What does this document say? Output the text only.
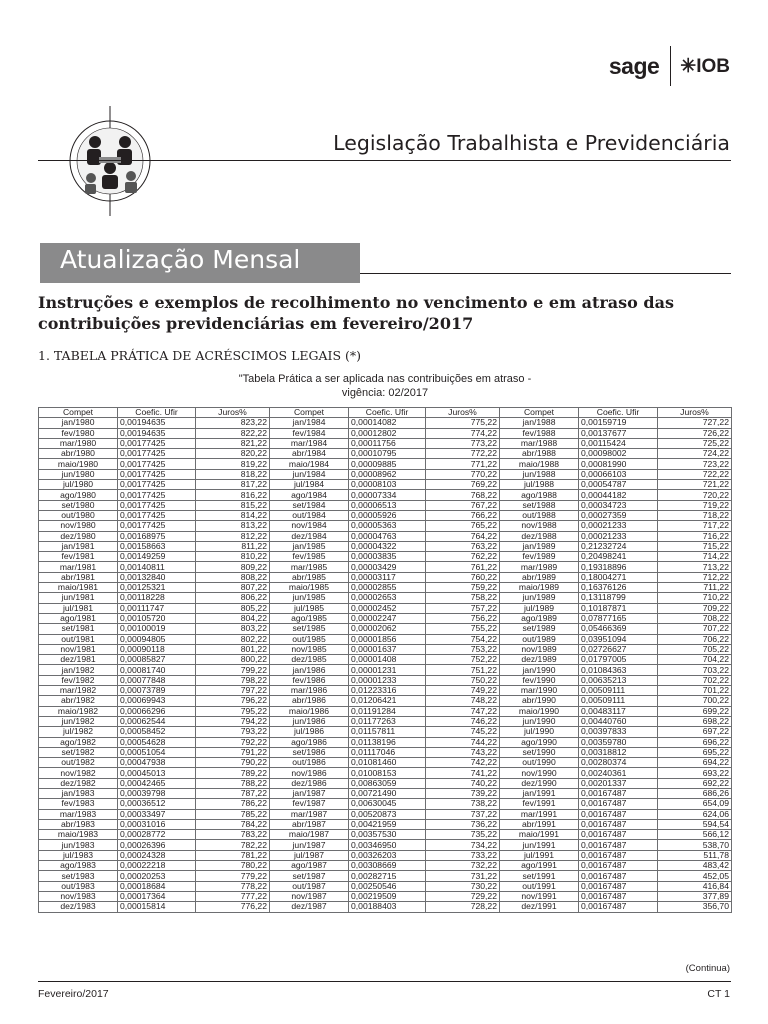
sage ✳IOB
Legislação Trabalhista e Previdenciária
Atualização Mensal
Instruções e exemplos de recolhimento no vencimento e em atraso das contribuições previdenciárias em fevereiro/2017
1. TABELA PRÁTICA DE ACRÉSCIMOS LEGAIS (*)
"Tabela Prática a ser aplicada nas contribuições em atraso -
vigência: 02/2017
Compet	Coefic. Ufir	Juros%	Compet	Coefic. Ufir	Juros%	Compet	Coefic. Ufir	Juros%
jan/1980	0,00194635	823,22	jan/1984	0,00014082	775,22	jan/1988	0,00159719	727,22
fev/1980	0,00194635	822,22	fev/1984	0,00012802	774,22	fev/1988	0,00137677	726,22
mar/1980	0,00177425	821,22	mar/1984	0,00011756	773,22	mar/1988	0,00115424	725,22
abr/1980	0,00177425	820,22	abr/1984	0,00010795	772,22	abr/1988	0,00098002	724,22
maio/1980	0,00177425	819,22	maio/1984	0,00009885	771,22	maio/1988	0,00081990	723,22
jun/1980	0,00177425	818,22	jun/1984	0,00008962	770,22	jun/1988	0,00066103	722,22
jul/1980	0,00177425	817,22	jul/1984	0,00008103	769,22	jul/1988	0,00054787	721,22
ago/1980	0,00177425	816,22	ago/1984	0,00007334	768,22	ago/1988	0,00044182	720,22
set/1980	0,00177425	815,22	set/1984	0,00006513	767,22	set/1988	0,00034723	719,22
out/1980	0,00177425	814,22	out/1984	0,00005926	766,22	out/1988	0,00027359	718,22
nov/1980	0,00177425	813,22	nov/1984	0,00005363	765,22	nov/1988	0,00021233	717,22
dez/1980	0,00168975	812,22	dez/1984	0,00004763	764,22	dez/1988	0,00021233	716,22
jan/1981	0,00158663	811,22	jan/1985	0,00004322	763,22	jan/1989	0,21232724	715,22
fev/1981	0,00149259	810,22	fev/1985	0,00003835	762,22	fev/1989	0,20498241	714,22
mar/1981	0,00140811	809,22	mar/1985	0,00003429	761,22	mar/1989	0,19318896	713,22
abr/1981	0,00132840	808,22	abr/1985	0,00003117	760,22	abr/1989	0,18004271	712,22
maio/1981	0,00125321	807,22	maio/1985	0,00002855	759,22	maio/1989	0,16376126	711,22
jun/1981	0,00118228	806,22	jun/1985	0,00002653	758,22	jun/1989	0,13118799	710,22
jul/1981	0,00111747	805,22	jul/1985	0,00002452	757,22	jul/1989	0,10187871	709,22
ago/1981	0,00105720	804,22	ago/1985	0,00002247	756,22	ago/1989	0,07877165	708,22
set/1981	0,00100019	803,22	set/1985	0,00002062	755,22	set/1989	0,05466369	707,22
out/1981	0,00094805	802,22	out/1985	0,00001856	754,22	out/1989	0,03951094	706,22
nov/1981	0,00090118	801,22	nov/1985	0,00001637	753,22	nov/1989	0,02726627	705,22
dez/1981	0,00085827	800,22	dez/1985	0,00001408	752,22	dez/1989	0,01797005	704,22
jan/1982	0,00081740	799,22	jan/1986	0,00001231	751,22	jan/1990	0,01084363	703,22
fev/1982	0,00077848	798,22	fev/1986	0,00001233	750,22	fev/1990	0,00635213	702,22
mar/1982	0,00073789	797,22	mar/1986	0,01223316	749,22	mar/1990	0,00509111	701,22
abr/1982	0,00069943	796,22	abr/1986	0,01206421	748,22	abr/1990	0,00509111	700,22
maio/1982	0,00066296	795,22	maio/1986	0,01191284	747,22	maio/1990	0,00483117	699,22
jun/1982	0,00062544	794,22	jun/1986	0,01177263	746,22	jun/1990	0,00440760	698,22
jul/1982	0,00058452	793,22	jul/1986	0,01157811	745,22	jul/1990	0,00397833	697,22
ago/1982	0,00054628	792,22	ago/1986	0,01138196	744,22	ago/1990	0,00359780	696,22
set/1982	0,00051054	791,22	set/1986	0,01117046	743,22	set/1990	0,00318812	695,22
out/1982	0,00047938	790,22	out/1986	0,01081460	742,22	out/1990	0,00280374	694,22
nov/1982	0,00045013	789,22	nov/1986	0,01008153	741,22	nov/1990	0,00240361	693,22
dez/1982	0,00042465	788,22	dez/1986	0,00863059	740,22	dez/1990	0,00201337	692,22
jan/1983	0,00039798	787,22	jan/1987	0,00721490	739,22	jan/1991	0,00167487	686,26
fev/1983	0,00036512	786,22	fev/1987	0,00630045	738,22	fev/1991	0,00167487	654,09
mar/1983	0,00033497	785,22	mar/1987	0,00520873	737,22	mar/1991	0,00167487	624,06
abr/1983	0,00031016	784,22	abr/1987	0,00421959	736,22	abr/1991	0,00167487	594,54
maio/1983	0,00028772	783,22	maio/1987	0,00357530	735,22	maio/1991	0,00167487	566,12
jun/1983	0,00026396	782,22	jun/1987	0,00346950	734,22	jun/1991	0,00167487	538,70
jul/1983	0,00024328	781,22	jul/1987	0,00326203	733,22	jul/1991	0,00167487	511,78
ago/1983	0,00022218	780,22	ago/1987	0,00308669	732,22	ago/1991	0,00167487	483,42
set/1983	0,00020253	779,22	set/1987	0,00282715	731,22	set/1991	0,00167487	452,05
out/1983	0,00018684	778,22	out/1987	0,00250546	730,22	out/1991	0,00167487	416,84
nov/1983	0,00017364	777,22	nov/1987	0,00219509	729,22	nov/1991	0,00167487	377,89
dez/1983	0,00015814	776,22	dez/1987	0,00188403	728,22	dez/1991	0,00167487	356,70
(Continua)
Fevereiro/2017	CT 1
